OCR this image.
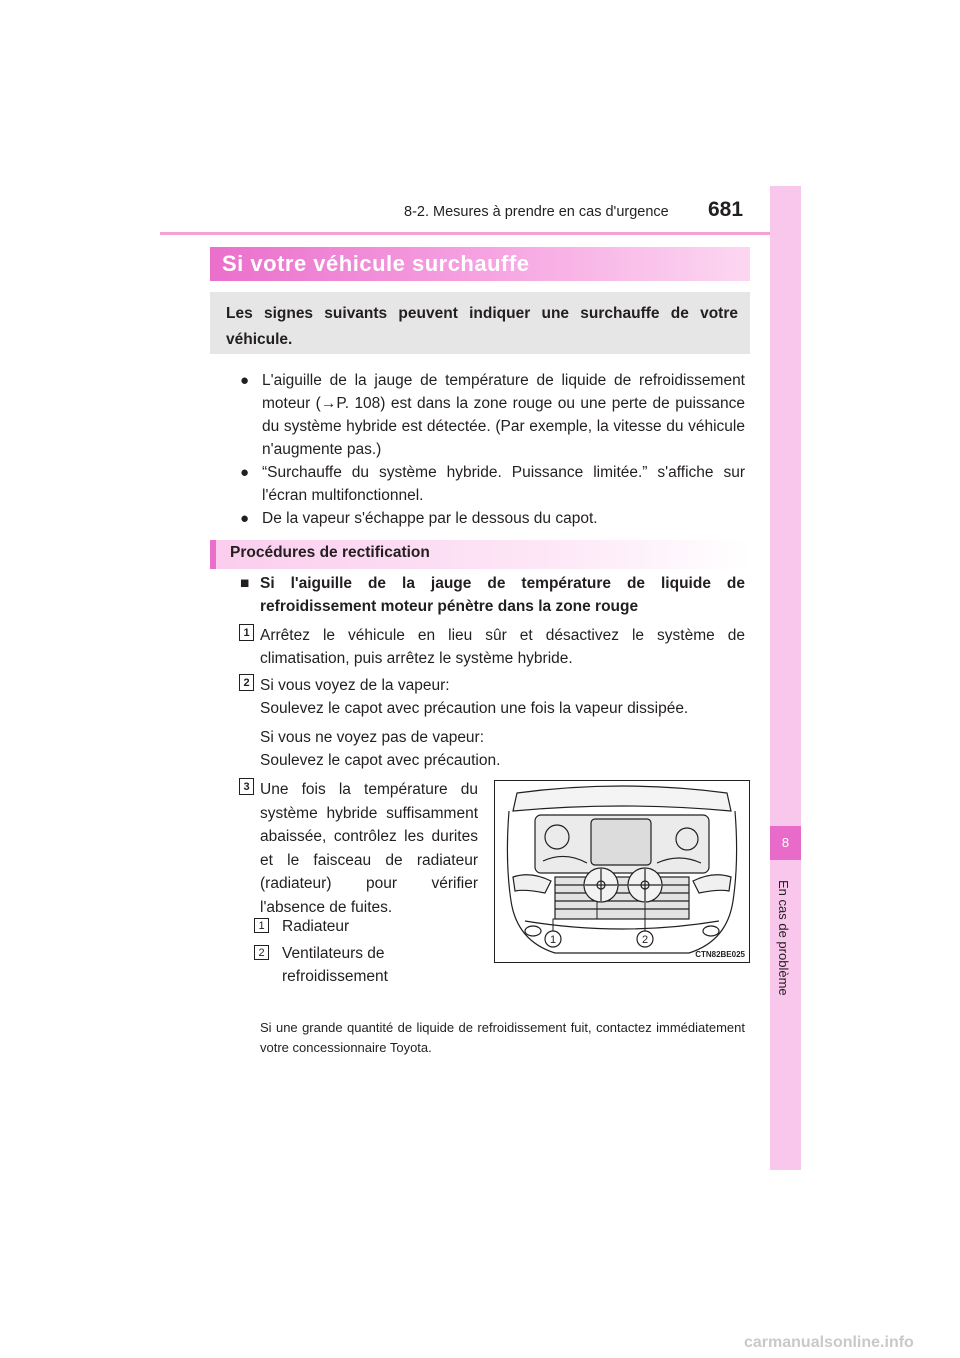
8-2. Mesures à prendre en cas d'urgence 681
8
En cas de problème
Si votre véhicule surchauffe

Les signes suivants peuvent indiquer une surchauffe de votre véhicule.

● L'aiguille de la jauge de température de liquide de refroidissement moteur (→P. 108) est dans la zone rouge ou une perte de puissance du système hybride est détectée. (Par exemple, la vitesse du véhicule n'augmente pas.)
● “Surchauffe du système hybride. Puissance limitée.” s'affiche sur l'écran multifonctionnel.
● De la vapeur s'échappe par le dessous du capot.
Procédures de rectification
■ Si l'aiguille de la jauge de température de liquide de refroidissement moteur pénètre dans la zone rouge
1 Arrêtez le véhicule en lieu sûr et désactivez le système de climatisation, puis arrêtez le système hybride.
2 Si vous voyez de la vapeur:
Soulevez le capot avec précaution une fois la vapeur dissipée.
Si vous ne voyez pas de vapeur:
Soulevez le capot avec précaution.
3 Une fois la température du système hybride suffisamment abaissée, contrôlez les durites et le faisceau de radiateur (radiateur) pour vérifier l'absence de fuites.
1 Radiateur
2 Ventilateurs de refroidissement
1	2
CTN82BE025
Si une grande quantité de liquide de refroidissement fuit, contactez immédiatement votre concessionnaire Toyota.
carmanualsonline.info
